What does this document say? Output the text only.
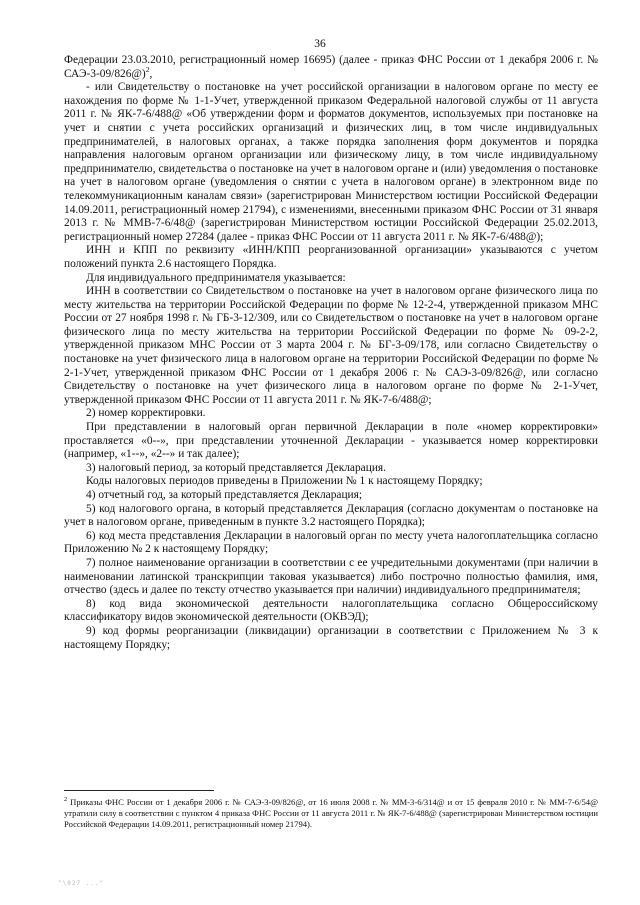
36

Федерации 23.03.2010, регистрационный номер 16695) (далее - приказ ФНС России от 1 декабря 2006 г. № САЭ-3-09/826@)$^2$,

- или Свидетельству о постановке на учет российской организации в налоговом органе по месту ее нахождения по форме № 1-1-Учет, утвержденной приказом Федеральной налоговой службы от 11 августа 2011 г. № ЯК-7-6/488@ «Об утверждении форм и форматов документов, используемых при постановке на учет и снятии с учета российских организаций и физических лиц, в том числе индивидуальных предпринимателей, в налоговых органах, а также порядка заполнения форм документов и порядка направления налоговым органом организации или физическому лицу, в том числе индивидуальному предпринимателю, свидетельства о постановке на учет в налоговом органе и (или) уведомления о постановке на учет в налоговом органе (уведомления о снятии с учета в налоговом органе) в электронном виде по телекоммуникационным каналам связи» (зарегистрирован Министерством юстиции Российской Федерации 14.09.2011, регистрационный номер 21794), с изменениями, внесенными приказом ФНС России от 31 января 2013 г. № ММВ-7-6/48@ (зарегистрирован Министерством юстиции Российской Федерации 25.02.2013, регистрационный номер 27284 (далее - приказ ФНС России от 11 августа 2011 г. № ЯК-7-6/488@);

ИНН и КПП по реквизиту «ИНН/КПП реорганизованной организации» указываются с учетом положений пункта 2.6 настоящего Порядка.

Для индивидуального предпринимателя указывается:

ИНН в соответствии со Свидетельством о постановке на учет в налоговом органе физического лица по месту жительства на территории Российской Федерации по форме № 12-2-4, утвержденной приказом МНС России от 27 ноября 1998 г. № ГБ-3-12/309, или со Свидетельством о постановке на учет в налоговом органе физического лица по месту жительства на территории Российской Федерации по форме № 09-2-2, утвержденной приказом МНС России от 3 марта 2004 г. № БГ-3-09/178, или согласно Свидетельству о постановке на учет физического лица в налоговом органе на территории Российской Федерации по форме № 2-1-Учет, утвержденной приказом ФНС России от 1 декабря 2006 г. № САЭ-3-09/826@, или согласно Свидетельству о постановке на учет физического лица в налоговом органе по форме № 2-1-Учет, утвержденной приказом ФНС России от 11 августа 2011 г. № ЯК-7-6/488@;

2) номер корректировки.

При представлении в налоговый орган первичной Декларации в поле «номер корректировки» проставляется «0--», при представлении уточненной Декларации - указывается номер корректировки (например, «1--», «2--» и так далее);

3) налоговый период, за который представляется Декларация.

Коды налоговых периодов приведены в Приложении № 1 к настоящему Порядку;

4) отчетный год, за который представляется Декларация;

5) код налогового органа, в который представляется Декларация (согласно документам о постановке на учет в налоговом органе, приведенным в пункте 3.2 настоящего Порядка);

6) код места представления Декларации в налоговый орган по месту учета налогоплательщика согласно Приложению № 2 к настоящему Порядку;

7) полное наименование организации в соответствии с ее учредительными документами (при наличии в наименовании латинской транскрипции таковая указывается) либо построчно полностью фамилия, имя, отчество (здесь и далее по тексту отчество указывается при наличии) индивидуального предпринимателя;

8) код вида экономической деятельности налогоплательщика согласно Общероссийскому классификатору видов экономической деятельности (ОКВЭД);

9) код формы реорганизации (ликвидации) организации в соответствии с Приложением № 3 к настоящему Порядку;

$^2$ Приказы ФНС России от 1 декабря 2006 г. № САЭ-3-09/826@, от 16 июля 2008 г. № ММ-3-6/314@ и от 15 февраля 2010 г. № ММ-7-6/54@ утратили силу в соответствии с пунктом 4 приказа ФНС России от 11 августа 2011 г. № ЯК-7-6/488@ (зарегистрирован Министерством юстиции Российской Федерации 14.09.2011, регистрационный номер 21794).
"\027 ..."
